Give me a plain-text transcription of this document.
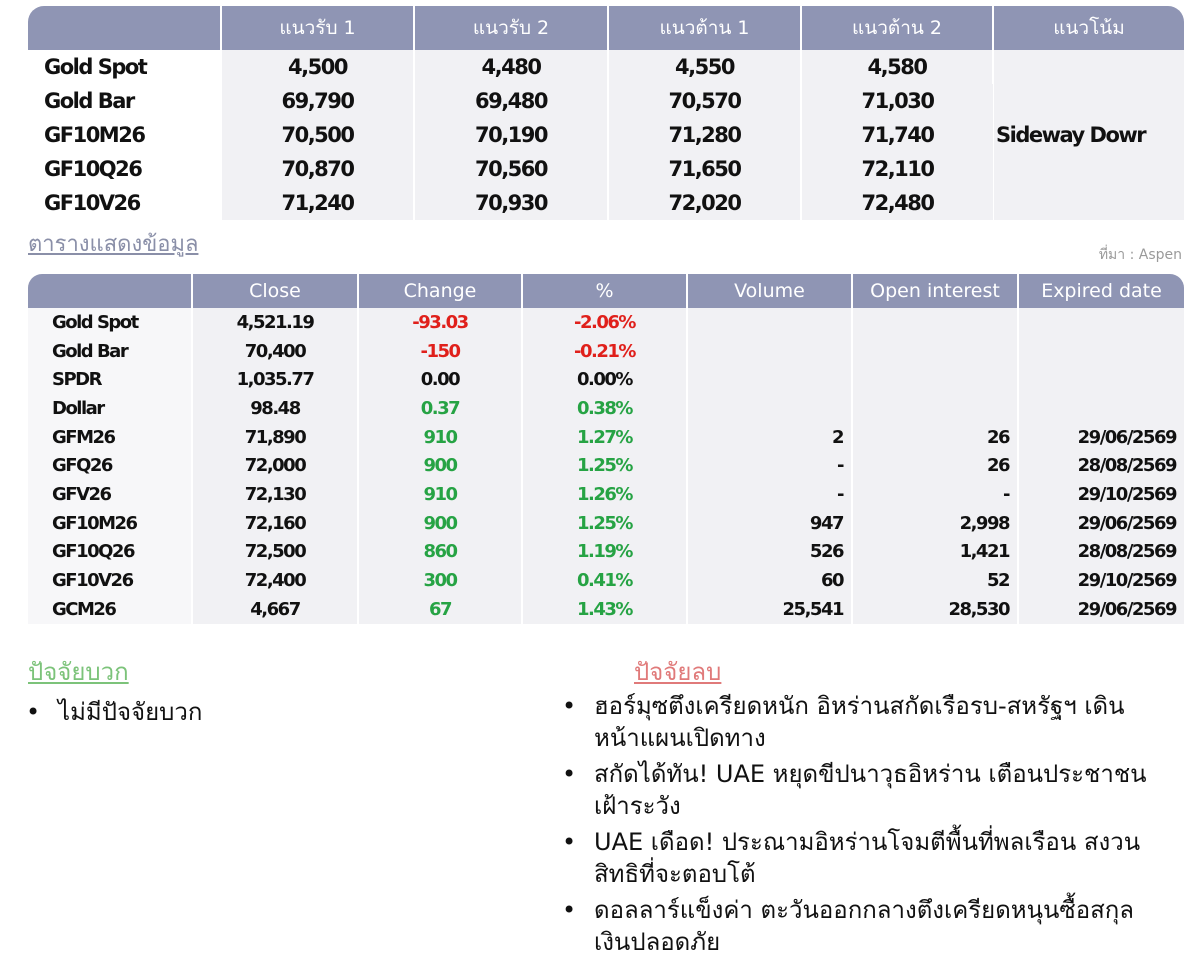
	แนวรับ 1	แนวรับ 2	แนวต้าน 1	แนวต้าน 2	แนวโน้ม
Gold Spot	4,500	4,480	4,550	4,580	Sideway Dowr
Gold Bar	69,790	69,480	70,570	71,030	
GF10M26	70,500	70,190	71,280	71,740	
GF10Q26	70,870	70,560	71,650	72,110	
GF10V26	71,240	70,930	72,020	72,480	
ตารางแสดงข้อมูล	ที่มา : Aspen
	Close	Change	%	Volume	Open interest	Expired date
Gold Spot	4,521.19	-93.03	-2.06%			
Gold Bar	70,400	-150	-0.21%			
SPDR	1,035.77	0.00	0.00%			
Dollar	98.48	0.37	0.38%			
GFM26	71,890	910	1.27%	2	26	29/06/2569
GFQ26	72,000	900	1.25%	-	26	28/08/2569
GFV26	72,130	910	1.26%	-	-	29/10/2569
GF10M26	72,160	900	1.25%	947	2,998	29/06/2569
GF10Q26	72,500	860	1.19%	526	1,421	28/08/2569
GF10V26	72,400	300	0.41%	60	52	29/10/2569
GCM26	4,667	67	1.43%	25,541	28,530	29/06/2569
ปัจจัยบวก
• ไม่มีปัจจัยบวก
ปัจจัยลบ
• ฮอร์มุซตึงเครียดหนัก อิหร่านสกัดเรือรบ-สหรัฐฯ เดินหน้าแผนเปิดทาง
• สกัดได้ทัน! UAE หยุดขีปนาวุธอิหร่าน เตือนประชาชนเฝ้าระวัง
• UAE เดือด! ประณามอิหร่านโจมตีพื้นที่พลเรือน สงวนสิทธิที่จะตอบโต้
• ดอลลาร์แข็งค่า ตะวันออกกลางตึงเครียดหนุนซื้อสกุลเงินปลอดภัย
